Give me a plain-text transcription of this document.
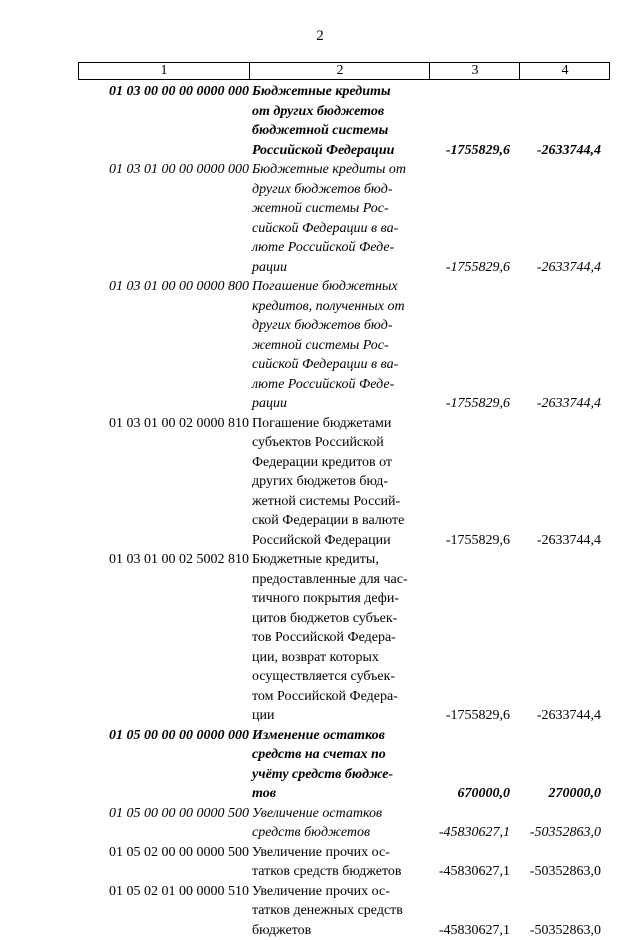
2
1	2	3	4
01 03 00 00 00 0000 000 Бюджетные кредиты
от других бюджетов
бюджетной системы
Российской Федерации	-1755829,6	-2633744,4
01 03 01 00 00 0000 000 Бюджетные кредиты от
других бюджетов бюд-
жетной системы Рос-
сийской Федерации в ва-
люте Российской Феде-
рации	-1755829,6	-2633744,4
01 03 01 00 00 0000 800 Погашение бюджетных
кредитов, полученных от
других бюджетов бюд-
жетной системы Рос-
сийской Федерации в ва-
люте Российской Феде-
рации	-1755829,6	-2633744,4
01 03 01 00 02 0000 810 Погашение бюджетами
субъектов Российской
Федерации кредитов от
других бюджетов бюд-
жетной системы Россий-
ской Федерации в валюте
Российской Федерации	-1755829,6	-2633744,4
01 03 01 00 02 5002 810 Бюджетные кредиты,
предоставленные для час-
тичного покрытия дефи-
цитов бюджетов субъек-
тов Российской Федера-
ции, возврат которых
осуществляется субъек-
том Российской Федера-
ции	-1755829,6	-2633744,4
01 05 00 00 00 0000 000 Изменение остатков
средств на счетах по
учёту средств бюдже-
тов	670000,0	270000,0
01 05 00 00 00 0000 500 Увеличение остатков
средств бюджетов	-45830627,1	-50352863,0
01 05 02 00 00 0000 500 Увеличение прочих ос-
татков средств бюджетов	-45830627,1	-50352863,0
01 05 02 01 00 0000 510 Увеличение прочих ос-
татков денежных средств
бюджетов	-45830627,1	-50352863,0
